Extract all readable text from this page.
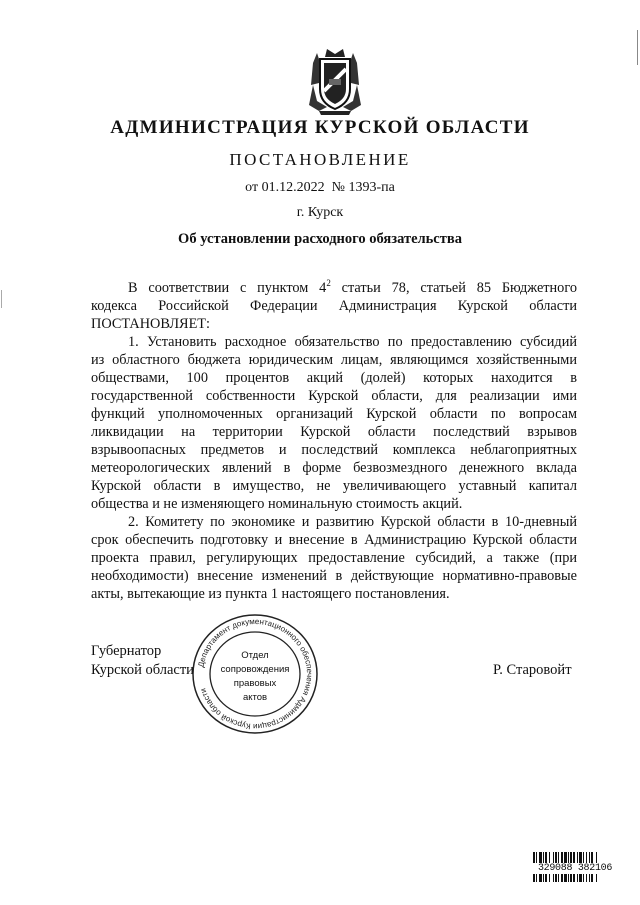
АДМИНИСТРАЦИЯ КУРСКОЙ ОБЛАСТИ
ПОСТАНОВЛЕНИЕ
от 01.12.2022 № 1393-па
г. Курск
Об установлении расходного обязательства
В соответствии с пунктом $4^2$ статьи 78, статьей 85 Бюджетного
кодекса Российской Федерации Администрация Курской области
ПОСТАНОВЛЯЕТ:
1. Установить расходное обязательство по предоставлению субсидий
из областного бюджета юридическим лицам, являющимся хозяйственными
обществами, 100 процентов акций (долей) которых находится в
государственной собственности Курской области, для реализации ими
функций уполномоченных организаций Курской области по вопросам
ликвидации на территории Курской области последствий взрывов
взрывоопасных предметов и последствий комплекса неблагоприятных
метеорологических явлений в форме безвозмездного денежного вклада
Курской области в имущество, не увеличивающего уставный капитал
общества и не изменяющего номинальную стоимость акций.
2. Комитету по экономике и развитию Курской области в 10-дневный
срок обеспечить подготовку и внесение в Администрацию Курской области
проекта правил, регулирующих предоставление субсидий, а также (при
необходимости) внесение изменений в действующие нормативно-правовые
акты, вытекающие из пункта 1 настоящего постановления.
Губернатор
Курской области	Р. Старовойт
Департамент документационного обеспечения Администрации Курской области
Отдел
сопровождения
правовых
актов
329088 382106
